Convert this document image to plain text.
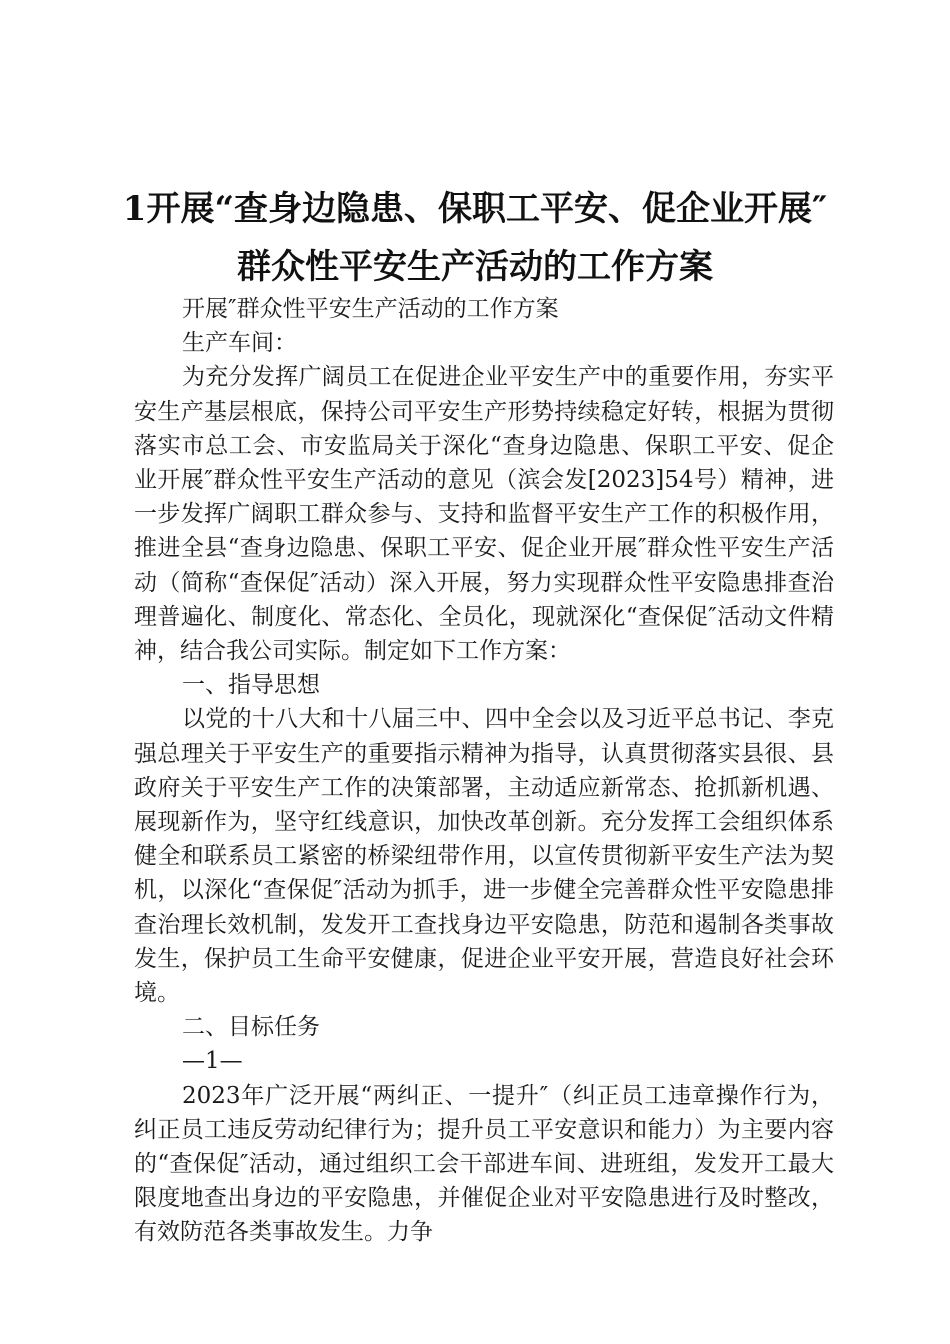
1开展“查身边隐患、保职工平安、促企业开展″群众性平安生产活动的工作方案

开展″群众性平安生产活动的工作方案

生产车间：

为充分发挥广阔员工在促进企业平安生产中的重要作用，夯实平安生产基层根底，保持公司平安生产形势持续稳定好转，根据为贯彻落实市总工会、市安监局关于深化“查身边隐患、保职工平安、促企业开展″群众性平安生产活动的意见（滨会发[2023]54号）精神，进一步发挥广阔职工群众参与、支持和监督平安生产工作的积极作用，推进全县“查身边隐患、保职工平安、促企业开展″群众性平安生产活动（简称“查保促″活动）深入开展，努力实现群众性平安隐患排查治理普遍化、制度化、常态化、全员化，现就深化“查保促″活动文件精神，结合我公司实际。制定如下工作方案：

一、指导思想

以党的十八大和十八届三中、四中全会以及习近平总书记、李克强总理关于平安生产的重要指示精神为指导，认真贯彻落实县很、县政府关于平安生产工作的决策部署，主动适应新常态、抢抓新机遇、展现新作为，坚守红线意识，加快改革创新。充分发挥工会组织体系健全和联系员工紧密的桥梁纽带作用，以宣传贯彻新平安生产法为契机，以深化“查保促″活动为抓手，进一步健全完善群众性平安隐患排查治理长效机制，发发开工查找身边平安隐患，防范和遏制各类事故发生，保护员工生命平安健康，促进企业平安开展，营造良好社会环境。

二、目标任务

—1—

2023年广泛开展“两纠正、一提升″（纠正员工违章操作行为，纠正员工违反劳动纪律行为；提升员工平安意识和能力）为主要内容的“查保促″活动，通过组织工会干部进车间、进班组，发发开工最大限度地查出身边的平安隐患，并催促企业对平安隐患进行及时整改，有效防范各类事故发生。力争
